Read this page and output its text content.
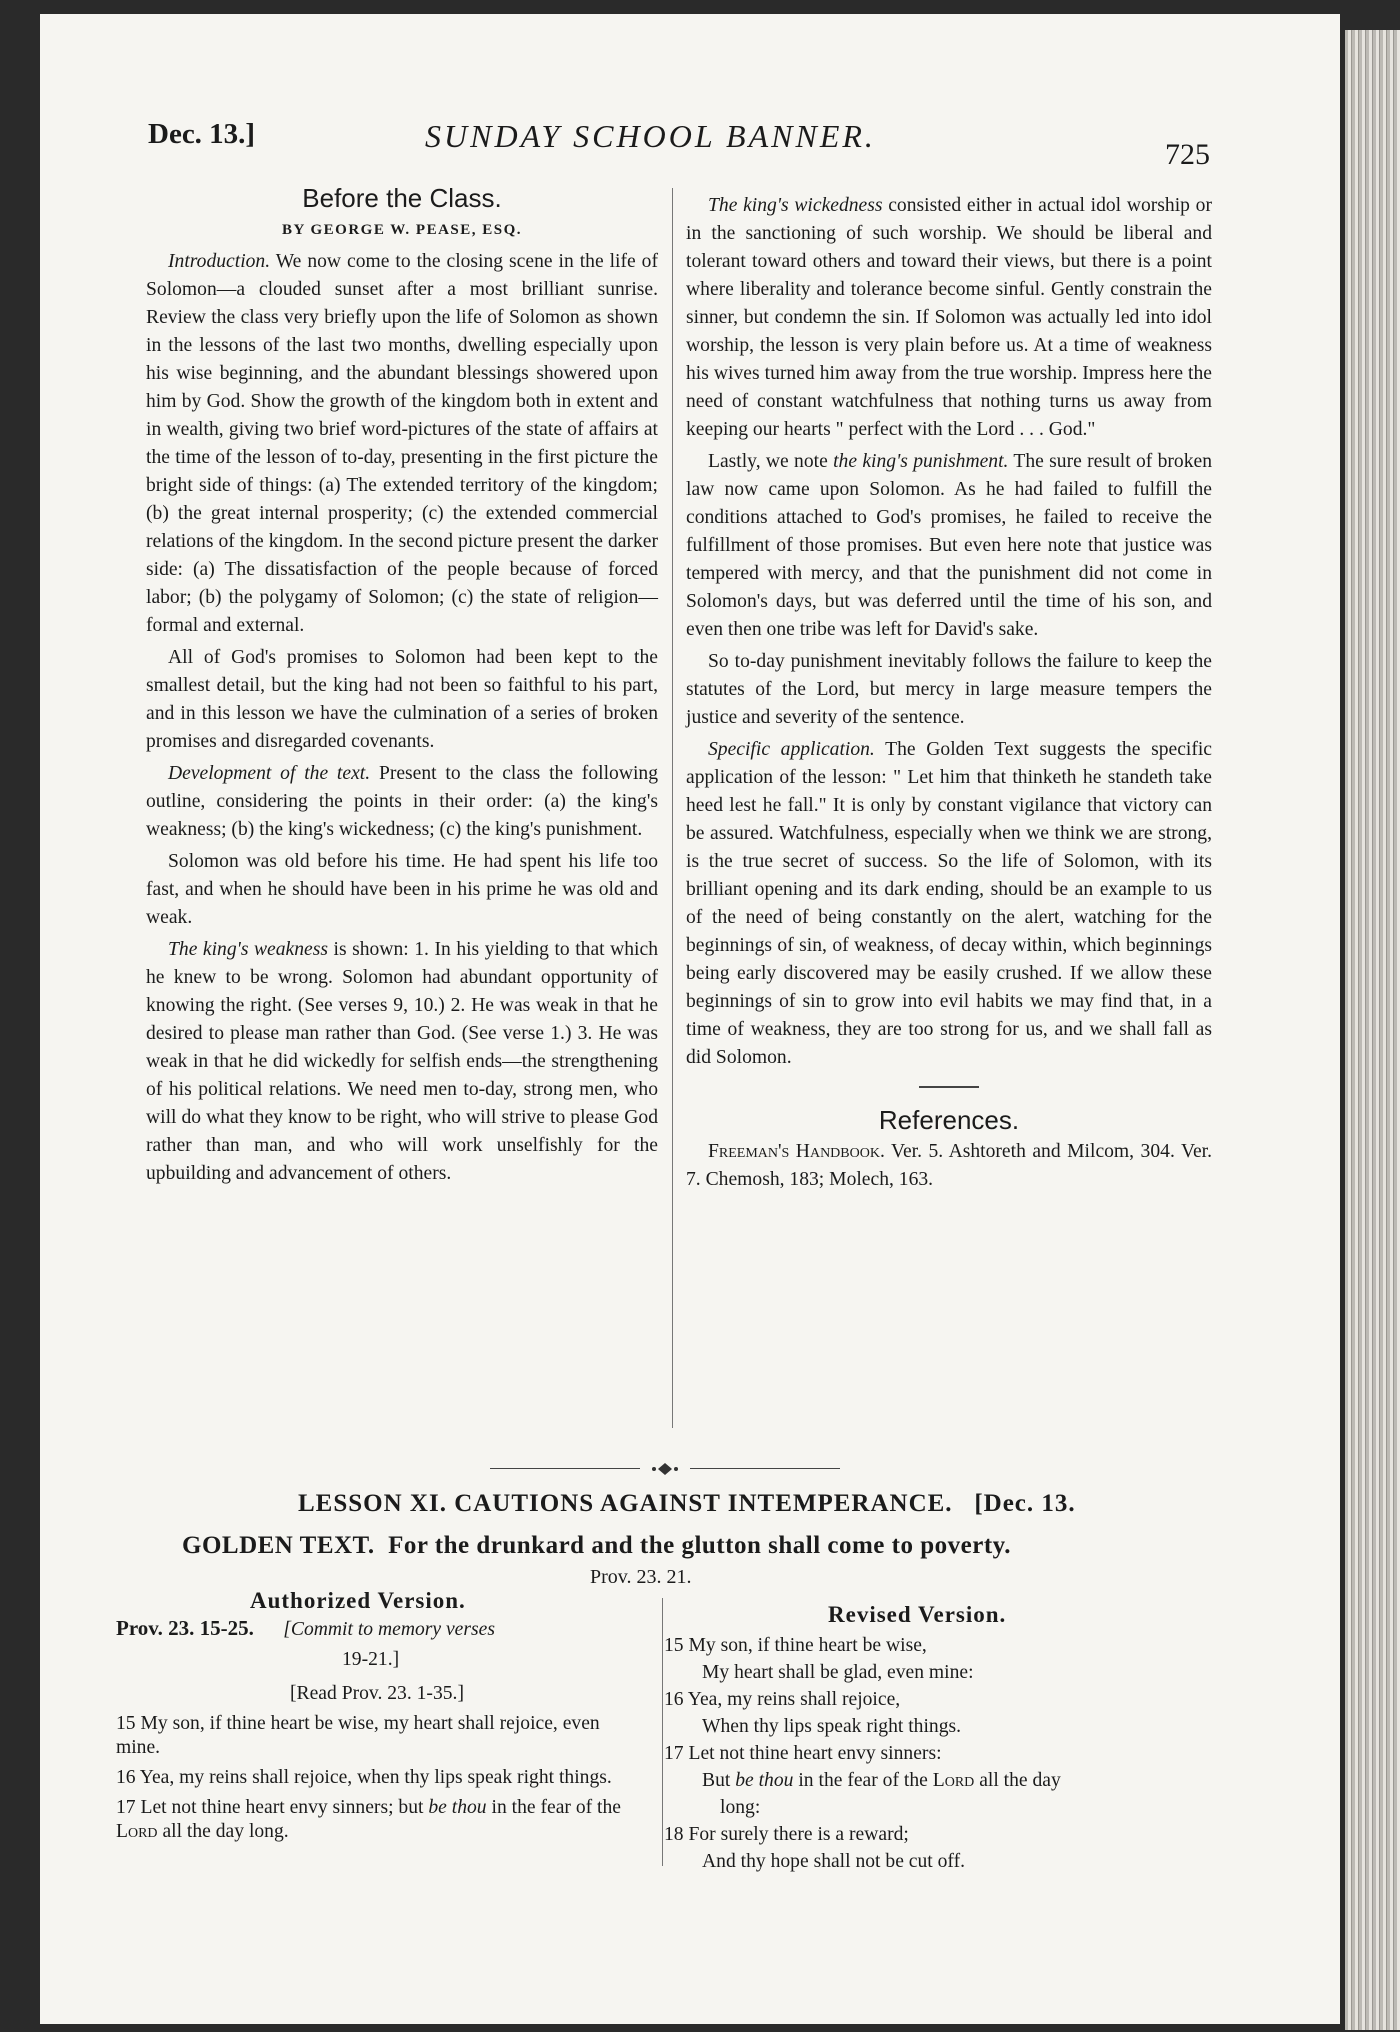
Dec. 13.]	SUNDAY SCHOOL BANNER.
725

Before the Class.

BY GEORGE W. PEASE, ESQ.

Introduction. We now come to the closing scene in the life of Solomon—a clouded sunset after a most brilliant sunrise. Review the class very briefly upon the life of Solomon as shown in the lessons of the last two months, dwelling especially upon his wise beginning, and the abundant blessings showered upon him by God. Show the growth of the kingdom both in extent and in wealth, giving two brief word-pictures of the state of affairs at the time of the lesson of to-day, presenting in the first picture the bright side of things: (a) The extended territory of the kingdom; (b) the great internal prosperity; (c) the extended commercial relations of the kingdom. In the second picture present the darker side: (a) The dissatisfaction of the people because of forced labor; (b) the polygamy of Solomon; (c) the state of religion—formal and external.

All of God's promises to Solomon had been kept to the smallest detail, but the king had not been so faithful to his part, and in this lesson we have the culmination of a series of broken promises and disregarded covenants.

Development of the text. Present to the class the following outline, considering the points in their order: (a) the king's weakness; (b) the king's wickedness; (c) the king's punishment.

Solomon was old before his time. He had spent his life too fast, and when he should have been in his prime he was old and weak.

The king's weakness is shown: 1. In his yielding to that which he knew to be wrong. Solomon had abundant opportunity of knowing the right. (See verses 9, 10.) 2. He was weak in that he desired to please man rather than God. (See verse 1.) 3. He was weak in that he did wickedly for selfish ends—the strengthening of his political relations. We need men to-day, strong men, who will do what they know to be right, who will strive to please God rather than man, and who will work unselfishly for the upbuilding and advancement of others.

The king's wickedness consisted either in actual idol worship or in the sanctioning of such worship. We should be liberal and tolerant toward others and toward their views, but there is a point where liberality and tolerance become sinful. Gently constrain the sinner, but condemn the sin. If Solomon was actually led into idol worship, the lesson is very plain before us. At a time of weakness his wives turned him away from the true worship. Impress here the need of constant watchfulness that nothing turns us away from keeping our hearts " perfect with the Lord . . . God."

Lastly, we note the king's punishment. The sure result of broken law now came upon Solomon. As he had failed to fulfill the conditions attached to God's promises, he failed to receive the fulfillment of those promises. But even here note that justice was tempered with mercy, and that the punishment did not come in Solomon's days, but was deferred until the time of his son, and even then one tribe was left for David's sake.

So to-day punishment inevitably follows the failure to keep the statutes of the Lord, but mercy in large measure tempers the justice and severity of the sentence.

Specific application. The Golden Text suggests the specific application of the lesson: " Let him that thinketh he standeth take heed lest he fall." It is only by constant vigilance that victory can be assured. Watchfulness, especially when we think we are strong, is the true secret of success. So the life of Solomon, with its brilliant opening and its dark ending, should be an example to us of the need of being constantly on the alert, watching for the beginnings of sin, of weakness, of decay within, which beginnings being early discovered may be easily crushed. If we allow these beginnings of sin to grow into evil habits we may find that, in a time of weakness, they are too strong for us, and we shall fall as did Solomon.

References.

Freeman's Handbook. Ver. 5. Ashtoreth and Milcom, 304. Ver. 7. Chemosh, 183; Molech, 163.

LESSON XI. CAUTIONS AGAINST INTEMPERANCE. [Dec. 13.
GOLDEN TEXT. For the drunkard and the glutton shall come to poverty.
Prov. 23. 21.
Authorized Version.
Revised Version.

Prov. 23. 15-25. [Commit to memory verses

19-21.]

[Read Prov. 23. 1-35.]

15 My son, if thine heart be wise, my heart shall rejoice, even mine.

16 Yea, my reins shall rejoice, when thy lips speak right things.

17 Let not thine heart envy sinners; but be thou in the fear of the Lord all the day long.

15 My son, if thine heart be wise,
My heart shall be glad, even mine:
16 Yea, my reins shall rejoice,
When thy lips speak right things.
17 Let not thine heart envy sinners:
But be thou in the fear of the Lord all the day
long:
18 For surely there is a reward;
And thy hope shall not be cut off.
